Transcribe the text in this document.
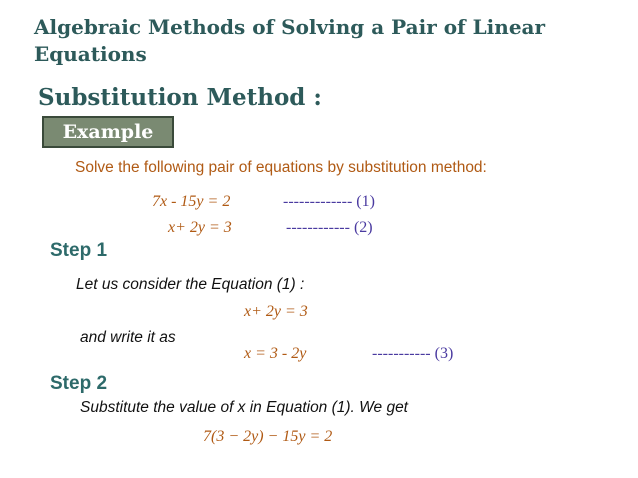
Algebraic Methods of Solving a Pair of Linear Equations
Substitution Method :
Example
Solve the following pair of equations by substitution method:
7x - 15y = 2	------------- (1)
x+ 2y = 3	------------ (2)
Step 1
Let us consider the Equation (1) :
x+ 2y = 3
and write it as
x = 3 - 2y	----------- (3)
Step 2
Substitute the value of x in Equation (1). We get
7(3 − 2y) − 15y = 2
